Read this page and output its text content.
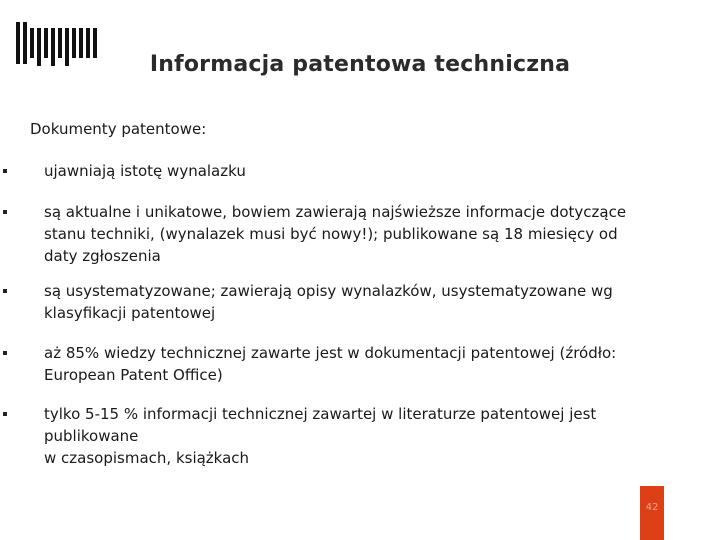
Informacja patentowa techniczna
Dokumenty patentowe:
ujawniają istotę wynalazku
są aktualne i unikatowe, bowiem zawierają najświeższe informacje dotyczące
stanu techniki, (wynalazek musi być nowy!); publikowane są 18 miesięcy od
daty zgłoszenia
są usystematyzowane; zawierają opisy wynalazków, usystematyzowane wg
klasyfikacji patentowej
aż 85% wiedzy technicznej zawarte jest w dokumentacji patentowej (źródło:
European Patent Office)
tylko 5-15 % informacji technicznej zawartej w literaturze patentowej jest
publikowane
w czasopismach, książkach
42
